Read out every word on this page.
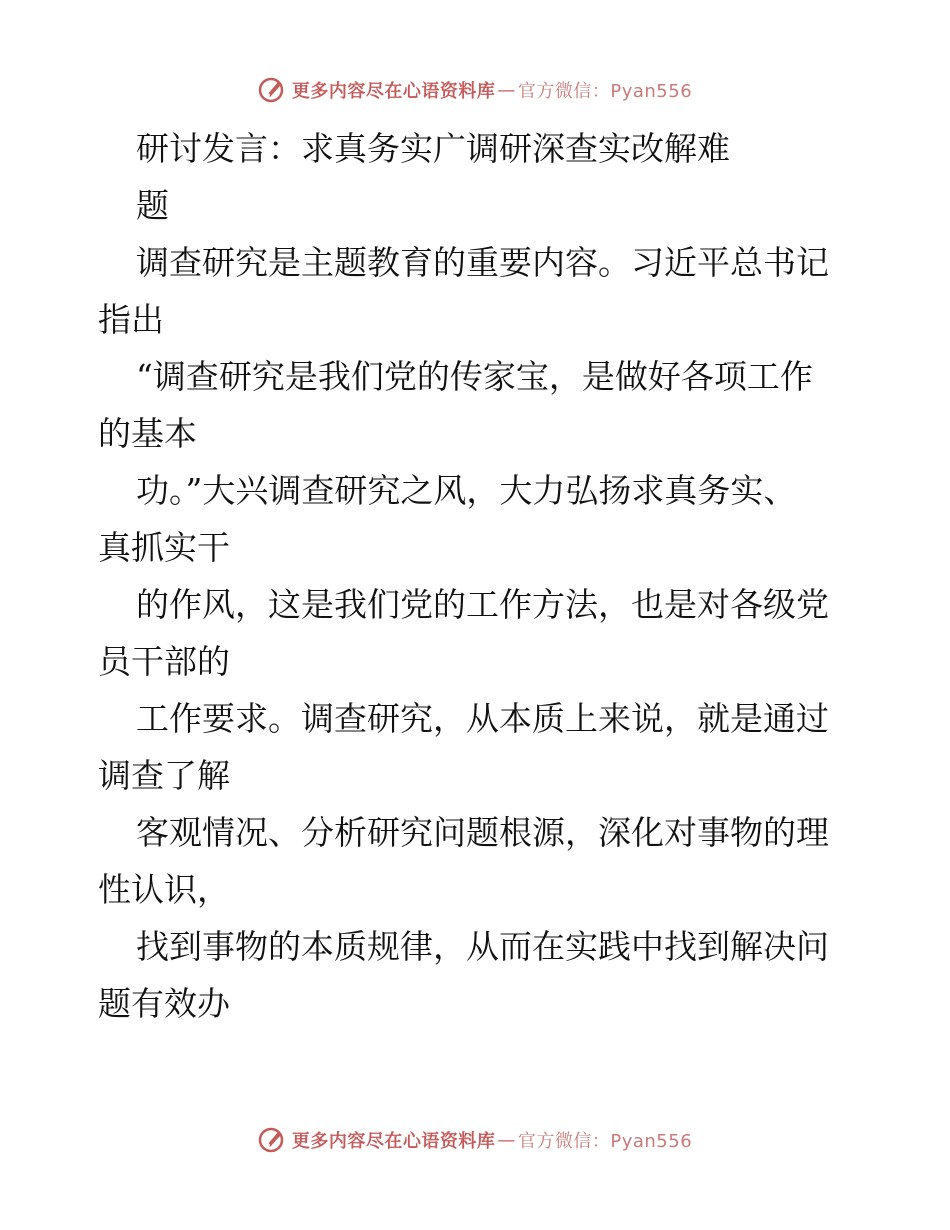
更多内容尽在心语资料库 — 官方微信：Pyan556

研讨发言：求真务实广调研深查实改解难

题

调查研究是主题教育的重要内容。习近平总书记

指出

“调查研究是我们党的传家宝，是做好各项工作

的基本

功。”大兴调查研究之风，大力弘扬求真务实、

真抓实干

的作风，这是我们党的工作方法，也是对各级党

员干部的

工作要求。调查研究，从本质上来说，就是通过

调查了解

客观情况、分析研究问题根源，深化对事物的理

性认识，

找到事物的本质规律，从而在实践中找到解决问

题有效办

更多内容尽在心语资料库 — 官方微信：Pyan556
